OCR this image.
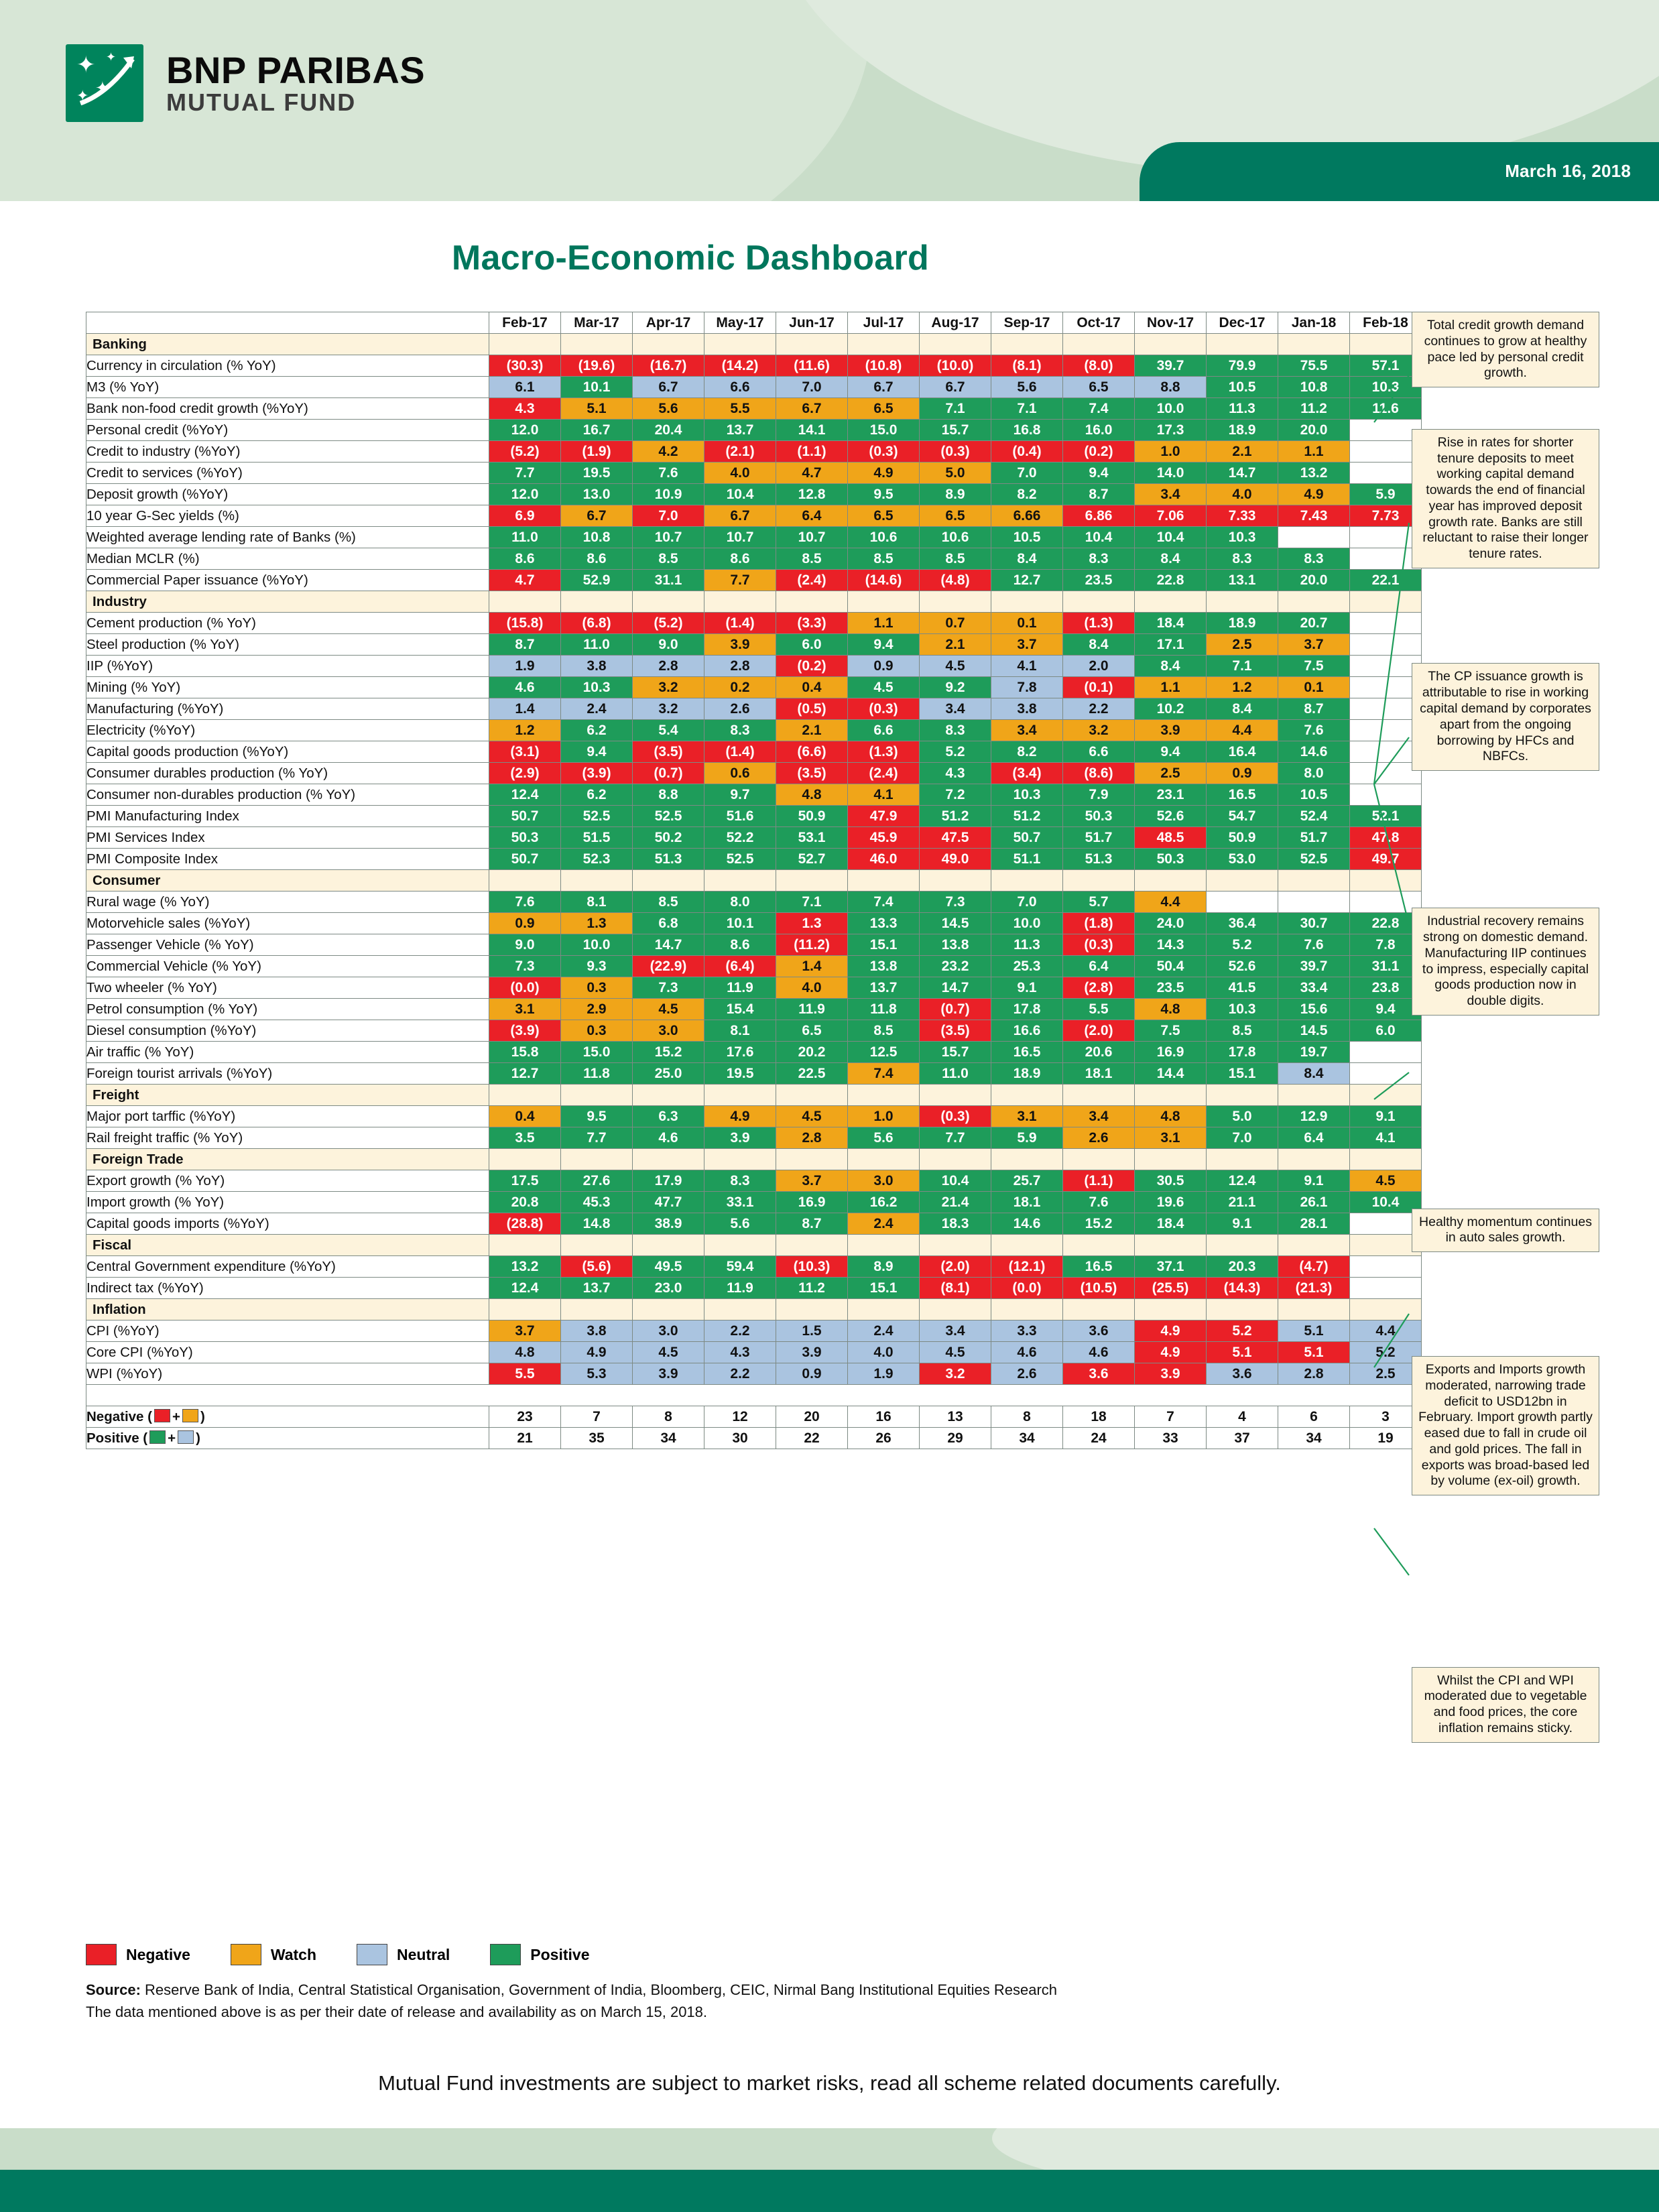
March 16, 2018
✦
✦
✦
✦ BNP PARIBAS
MUTUAL FUND
Macro-Economic Dashboard
	Feb-17	Mar-17	Apr-17	May-17	Jun-17	Jul-17	Aug-17	Sep-17	Oct-17	Nov-17	Dec-17	Jan-18	Feb-18
Banking													
Currency in circulation (% YoY)	(30.3)	(19.6)	(16.7)	(14.2)	(11.6)	(10.8)	(10.0)	(8.1)	(8.0)	39.7	79.9	75.5	57.1
M3 (% YoY)	6.1	10.1	6.7	6.6	7.0	6.7	6.7	5.6	6.5	8.8	10.5	10.8	10.3
Bank non-food credit growth (%YoY)	4.3	5.1	5.6	5.5	6.7	6.5	7.1	7.1	7.4	10.0	11.3	11.2	11.6
Personal credit (%YoY)	12.0	16.7	20.4	13.7	14.1	15.0	15.7	16.8	16.0	17.3	18.9	20.0	
Credit to industry (%YoY)	(5.2)	(1.9)	4.2	(2.1)	(1.1)	(0.3)	(0.3)	(0.4)	(0.2)	1.0	2.1	1.1	
Credit to services (%YoY)	7.7	19.5	7.6	4.0	4.7	4.9	5.0	7.0	9.4	14.0	14.7	13.2	
Deposit growth (%YoY)	12.0	13.0	10.9	10.4	12.8	9.5	8.9	8.2	8.7	3.4	4.0	4.9	5.9
10 year G-Sec yields (%)	6.9	6.7	7.0	6.7	6.4	6.5	6.5	6.66	6.86	7.06	7.33	7.43	7.73
Weighted average lending rate of Banks (%)	11.0	10.8	10.7	10.7	10.7	10.6	10.6	10.5	10.4	10.4	10.3		
Median MCLR (%)	8.6	8.6	8.5	8.6	8.5	8.5	8.5	8.4	8.3	8.4	8.3	8.3	
Commercial Paper issuance (%YoY)	4.7	52.9	31.1	7.7	(2.4)	(14.6)	(4.8)	12.7	23.5	22.8	13.1	20.0	22.1
Industry													
Cement production (% YoY)	(15.8)	(6.8)	(5.2)	(1.4)	(3.3)	1.1	0.7	0.1	(1.3)	18.4	18.9	20.7	
Steel production (% YoY)	8.7	11.0	9.0	3.9	6.0	9.4	2.1	3.7	8.4	17.1	2.5	3.7	
IIP (%YoY)	1.9	3.8	2.8	2.8	(0.2)	0.9	4.5	4.1	2.0	8.4	7.1	7.5	
Mining (% YoY)	4.6	10.3	3.2	0.2	0.4	4.5	9.2	7.8	(0.1)	1.1	1.2	0.1	
Manufacturing (%YoY)	1.4	2.4	3.2	2.6	(0.5)	(0.3)	3.4	3.8	2.2	10.2	8.4	8.7	
Electricity (%YoY)	1.2	6.2	5.4	8.3	2.1	6.6	8.3	3.4	3.2	3.9	4.4	7.6	
Capital goods production (%YoY)	(3.1)	9.4	(3.5)	(1.4)	(6.6)	(1.3)	5.2	8.2	6.6	9.4	16.4	14.6	
Consumer durables production (% YoY)	(2.9)	(3.9)	(0.7)	0.6	(3.5)	(2.4)	4.3	(3.4)	(8.6)	2.5	0.9	8.0	
Consumer non-durables production (% YoY)	12.4	6.2	8.8	9.7	4.8	4.1	7.2	10.3	7.9	23.1	16.5	10.5	
PMI Manufacturing Index	50.7	52.5	52.5	51.6	50.9	47.9	51.2	51.2	50.3	52.6	54.7	52.4	52.1
PMI Services Index	50.3	51.5	50.2	52.2	53.1	45.9	47.5	50.7	51.7	48.5	50.9	51.7	47.8
PMI Composite Index	50.7	52.3	51.3	52.5	52.7	46.0	49.0	51.1	51.3	50.3	53.0	52.5	49.7
Consumer													
Rural wage (% YoY)	7.6	8.1	8.5	8.0	7.1	7.4	7.3	7.0	5.7	4.4			
Motorvehicle sales (%YoY)	0.9	1.3	6.8	10.1	1.3	13.3	14.5	10.0	(1.8)	24.0	36.4	30.7	22.8
Passenger Vehicle (% YoY)	9.0	10.0	14.7	8.6	(11.2)	15.1	13.8	11.3	(0.3)	14.3	5.2	7.6	7.8
Commercial Vehicle (% YoY)	7.3	9.3	(22.9)	(6.4)	1.4	13.8	23.2	25.3	6.4	50.4	52.6	39.7	31.1
Two wheeler (% YoY)	(0.0)	0.3	7.3	11.9	4.0	13.7	14.7	9.1	(2.8)	23.5	41.5	33.4	23.8
Petrol consumption (% YoY)	3.1	2.9	4.5	15.4	11.9	11.8	(0.7)	17.8	5.5	4.8	10.3	15.6	9.4
Diesel consumption (%YoY)	(3.9)	0.3	3.0	8.1	6.5	8.5	(3.5)	16.6	(2.0)	7.5	8.5	14.5	6.0
Air traffic (% YoY)	15.8	15.0	15.2	17.6	20.2	12.5	15.7	16.5	20.6	16.9	17.8	19.7	
Foreign tourist arrivals (%YoY)	12.7	11.8	25.0	19.5	22.5	7.4	11.0	18.9	18.1	14.4	15.1	8.4	
Freight													
Major port tarffic (%YoY)	0.4	9.5	6.3	4.9	4.5	1.0	(0.3)	3.1	3.4	4.8	5.0	12.9	9.1
Rail freight traffic (% YoY)	3.5	7.7	4.6	3.9	2.8	5.6	7.7	5.9	2.6	3.1	7.0	6.4	4.1
Foreign Trade													
Export growth (% YoY)	17.5	27.6	17.9	8.3	3.7	3.0	10.4	25.7	(1.1)	30.5	12.4	9.1	4.5
Import growth (% YoY)	20.8	45.3	47.7	33.1	16.9	16.2	21.4	18.1	7.6	19.6	21.1	26.1	10.4
Capital goods imports (%YoY)	(28.8)	14.8	38.9	5.6	8.7	2.4	18.3	14.6	15.2	18.4	9.1	28.1	
Fiscal													
Central Government expenditure (%YoY)	13.2	(5.6)	49.5	59.4	(10.3)	8.9	(2.0)	(12.1)	16.5	37.1	20.3	(4.7)	
Indirect tax (%YoY)	12.4	13.7	23.0	11.9	11.2	15.1	(8.1)	(0.0)	(10.5)	(25.5)	(14.3)	(21.3)	
Inflation													
CPI (%YoY)	3.7	3.8	3.0	2.2	1.5	2.4	3.4	3.3	3.6	4.9	5.2	5.1	4.4
Core CPI (%YoY)	4.8	4.9	4.5	4.3	3.9	4.0	4.5	4.6	4.6	4.9	5.1	5.1	5.2
WPI (%YoY)	5.5	5.3	3.9	2.2	0.9	1.9	3.2	2.6	3.6	3.9	3.6	2.8	2.5

Negative ( + )	23	7	8	12	20	16	13	8	18	7	4	6	3
Positive ( + )	21	35	34	30	22	26	29	34	24	33	37	34	19
Total credit growth demand continues to grow at healthy pace led by personal credit growth.
Rise in rates for shorter tenure deposits to meet working capital demand towards the end of financial year has improved deposit growth rate. Banks are still reluctant to raise their longer tenure rates.
The CP issuance growth is attributable to rise in working capital demand by corporates apart from the ongoing borrowing by HFCs and NBFCs.
Industrial recovery remains strong on domestic demand. Manufacturing IIP continues to impress, especially capital goods production now in double digits.
Healthy momentum continues in auto sales growth.
Exports and Imports growth moderated, narrowing trade deficit to USD12bn in February. Import growth partly eased due to fall in crude oil and gold prices. The fall in exports was broad-based led by volume (ex-oil) growth.
Whilst the CPI and WPI moderated due to vegetable and food prices, the core inflation remains sticky.
Negative	Watch	Neutral	Positive
Source: Reserve Bank of India, Central Statistical Organisation, Government of India, Bloomberg, CEIC, Nirmal Bang Institutional Equities Research
The data mentioned above is as per their date of release and availability as on March 15, 2018.
Mutual Fund investments are subject to market risks, read all scheme related documents carefully.
